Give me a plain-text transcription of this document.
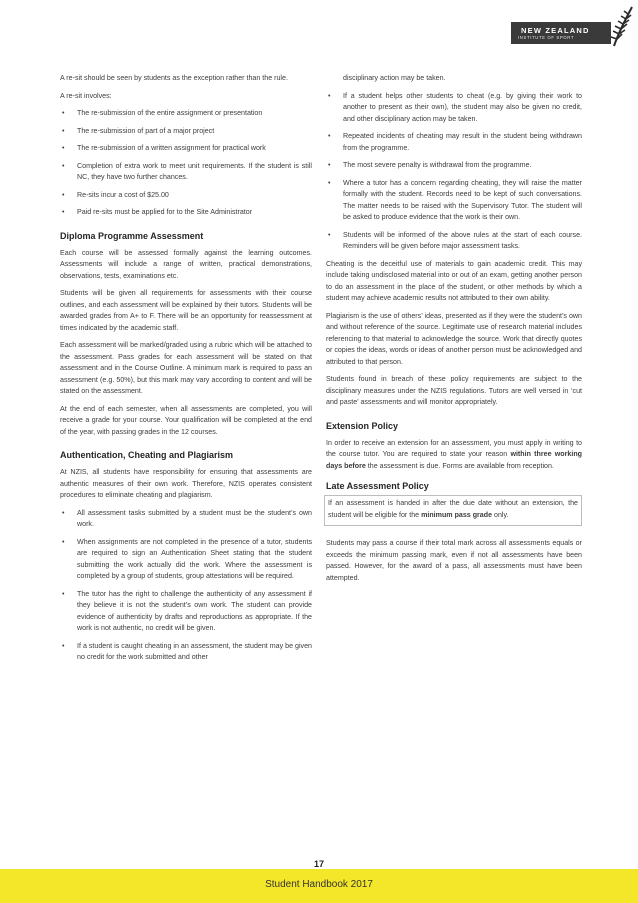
NEW ZEALAND
INSTITUTE OF SPORT

A re-sit should be seen by students as the exception rather than the rule.

A re-sit involves:

• The re-submission of the entire assignment or presentation
• The re-submission of part of a major project
• The re-submission of a written assignment for practical work
• Completion of extra work to meet unit requirements. If the student is still NC, they have two further chances.
• Re-sits incur a cost of $25.00
• Paid re-sits must be applied for to the Site Administrator
Diploma Programme Assessment

Each course will be assessed formally against the learning outcomes. Assessments will include a range of written, practical demonstrations, observations, tests, examinations etc.

Students will be given all requirements for assessments with their course outlines, and each assessment will be explained by their tutors. Students will be awarded grades from A+ to F. There will be an opportunity for reassessment at times indicated by the academic staff.

Each assessment will be marked/graded using a rubric which will be attached to the assessment. Pass grades for each assessment will be stated on that assessment and in the Course Outline. A minimum mark is required to pass an assessment (e.g. 50%), but this mark may vary according to content and will be stated on the assessment.

At the end of each semester, when all assessments are completed, you will receive a grade for your course. Your qualification will be completed at the end of the year, with passing grades in the 12 courses.

Authentication, Cheating and Plagiarism

At NZIS, all students have responsibility for ensuring that assessments are authentic measures of their own work. Therefore, NZIS operates consistent procedures to eliminate cheating and plagiarism.

• All assessment tasks submitted by a student must be the student’s own work.
• When assignments are not completed in the presence of a tutor, students are required to sign an Authentication Sheet stating that the student submitting the work actually did the work. Where the assessment is completed by a group of students, group attestations will be required.
• The tutor has the right to challenge the authenticity of any assessment if they believe it is not the student’s own work. The student can provide evidence of authenticity by drafts and reproductions as appropriate. If the work is not authentic, no credit will be given.
• If a student is caught cheating in an assessment, the student may be given no credit for the work submitted and other

disciplinary action may be taken.

• If a student helps other students to cheat (e.g. by giving their work to another to present as their own), the student may also be given no credit, and other disciplinary action may be taken.
• Repeated incidents of cheating may result in the student being withdrawn from the programme.
• The most severe penalty is withdrawal from the programme.
• Where a tutor has a concern regarding cheating, they will raise the matter formally with the student. Records need to be kept of such conversations. The matter needs to be raised with the Supervisory Tutor. The student will be asked to produce evidence that the work is their own.
• Students will be informed of the above rules at the start of each course. Reminders will be given before major assessment tasks.

Cheating is the deceitful use of materials to gain academic credit. This may include taking undisclosed material into or out of an exam, getting another person to do an assessment in the place of the student, or other methods by which a student may achieve academic results not attributed to their own ability.

Plagiarism is the use of others’ ideas, presented as if they were the student’s own and without reference of the source. Legitimate use of research material includes referencing to that material to acknowledge the source. Work that directly quotes or copies the ideas, words or ideas of another person must be acknowledged and attributed to that person.

Students found in breach of these policy requirements are subject to the disciplinary measures under the NZIS regulations. Tutors are well versed in ‘cut and paste’ assessments and will monitor appropriately.

Extension Policy

In order to receive an extension for an assessment, you must apply in writing to the course tutor. You are required to state your reason within three working days before the assessment is due. Forms are available from reception.

Late Assessment Policy

If an assessment is handed in after the due date without an extension, the student will be eligible for the minimum pass grade only.

Students may pass a course if their total mark across all assessments equals or exceeds the minimum passing mark, even if not all assessments have been passed. However, for the award of a pass, all assessments must have been attempted.

17
Student Handbook 2017
